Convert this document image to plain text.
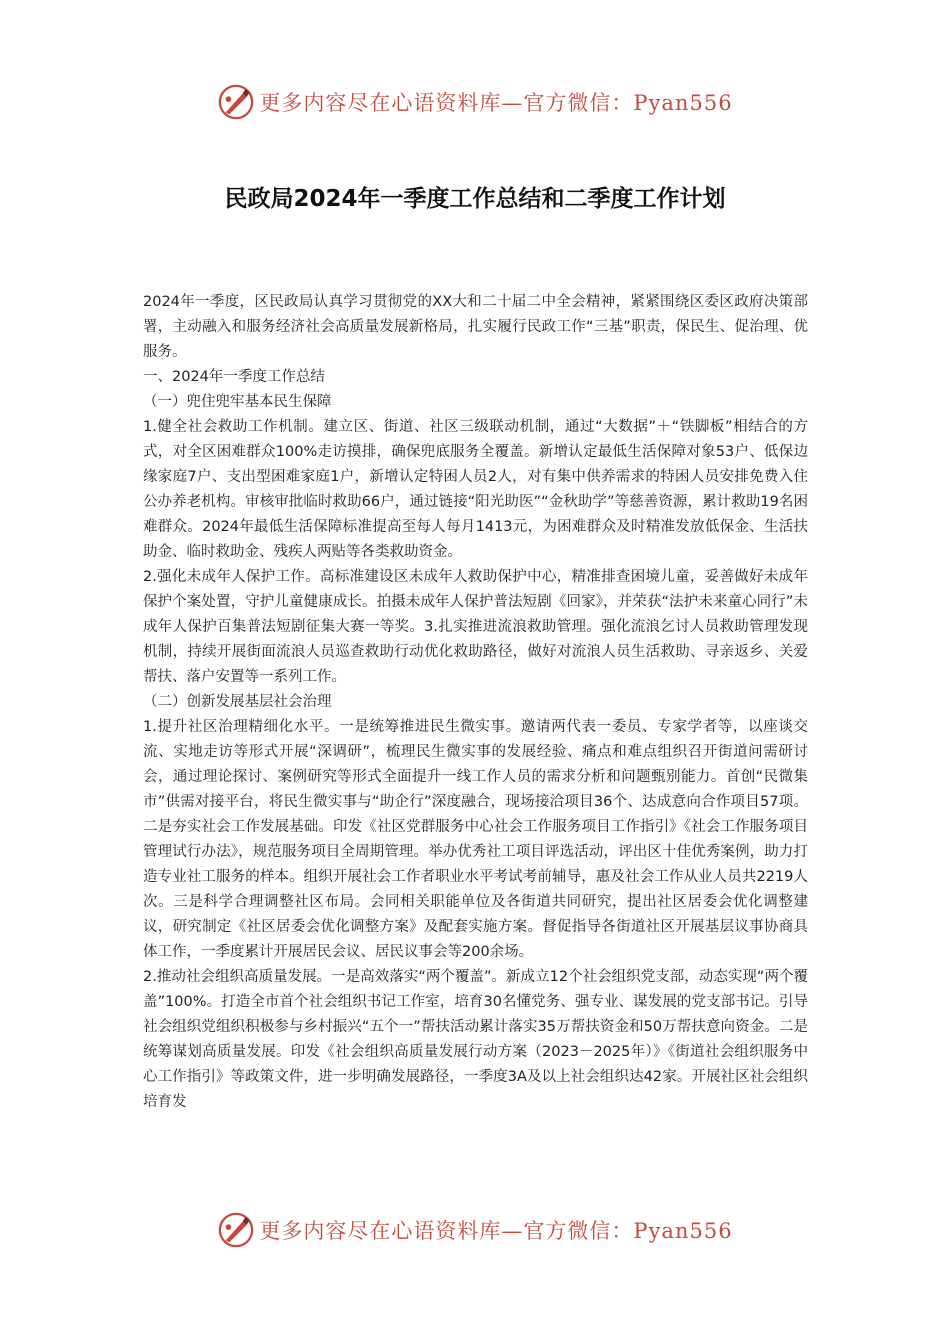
更多内容尽在心语资料库—官方微信：Pyan556
民政局2024年一季度工作总结和二季度工作计划

2024年一季度，区民政局认真学习贯彻党的XX大和二十届二中全会精神，紧紧围绕区委区政府决策部署，主动融入和服务经济社会高质量发展新格局，扎实履行民政工作“三基”职责，保民生、促治理、优服务。

一、2024年一季度工作总结

（一）兜住兜牢基本民生保障

1.健全社会救助工作机制。建立区、街道、社区三级联动机制，通过“大数据”＋“铁脚板”相结合的方式，对全区困难群众100%走访摸排，确保兜底服务全覆盖。新增认定最低生活保障对象53户、低保边缘家庭7户、支出型困难家庭1户，新增认定特困人员2人，对有集中供养需求的特困人员安排免费入住公办养老机构。审核审批临时救助66户，通过链接“阳光助医”“金秋助学”等慈善资源，累计救助19名困难群众。2024年最低生活保障标准提高至每人每月1413元，为困难群众及时精准发放低保金、生活扶助金、临时救助金、残疾人两贴等各类救助资金。

2.强化未成年人保护工作。高标准建设区未成年人救助保护中心，精准排查困境儿童，妥善做好未成年保护个案处置，守护儿童健康成长。拍摄未成年人保护普法短剧《回家》，并荣获“法护未来童心同行”未成年人保护百集普法短剧征集大赛一等奖。3.扎实推进流浪救助管理。强化流浪乞讨人员救助管理发现机制，持续开展街面流浪人员巡查救助行动优化救助路径，做好对流浪人员生活救助、寻亲返乡、关爱帮扶、落户安置等一系列工作。

（二）创新发展基层社会治理

1.提升社区治理精细化水平。一是统筹推进民生微实事。邀请两代表一委员、专家学者等，以座谈交流、实地走访等形式开展“深调研”，梳理民生微实事的发展经验、痛点和难点组织召开街道问需研讨会，通过理论探讨、案例研究等形式全面提升一线工作人员的需求分析和问题甄别能力。首创“民微集市”供需对接平台，将民生微实事与“助企行”深度融合，现场接洽项目36个、达成意向合作项目57项。二是夯实社会工作发展基础。印发《社区党群服务中心社会工作服务项目工作指引》《社会工作服务项目管理试行办法》，规范服务项目全周期管理。举办优秀社工项目评选活动，评出区十佳优秀案例，助力打造专业社工服务的样本。组织开展社会工作者职业水平考试考前辅导，惠及社会工作从业人员共2219人次。三是科学合理调整社区布局。会同相关职能单位及各街道共同研究，提出社区居委会优化调整建议，研究制定《社区居委会优化调整方案》及配套实施方案。督促指导各街道社区开展基层议事协商具体工作，一季度累计开展居民会议、居民议事会等200余场。

2.推动社会组织高质量发展。一是高效落实“两个覆盖”。新成立12个社会组织党支部，动态实现“两个覆盖”100%。打造全市首个社会组织书记工作室，培育30名懂党务、强专业、谋发展的党支部书记。引导社会组织党组织积极参与乡村振兴“五个一”帮扶活动累计落实35万帮扶资金和50万帮扶意向资金。二是统筹谋划高质量发展。印发《社会组织高质量发展行动方案（2023－2025年）》《街道社会组织服务中心工作指引》等政策文件，进一步明确发展路径，一季度3A及以上社会组织达42家。开展社区社会组织培育发

更多内容尽在心语资料库—官方微信：Pyan556
